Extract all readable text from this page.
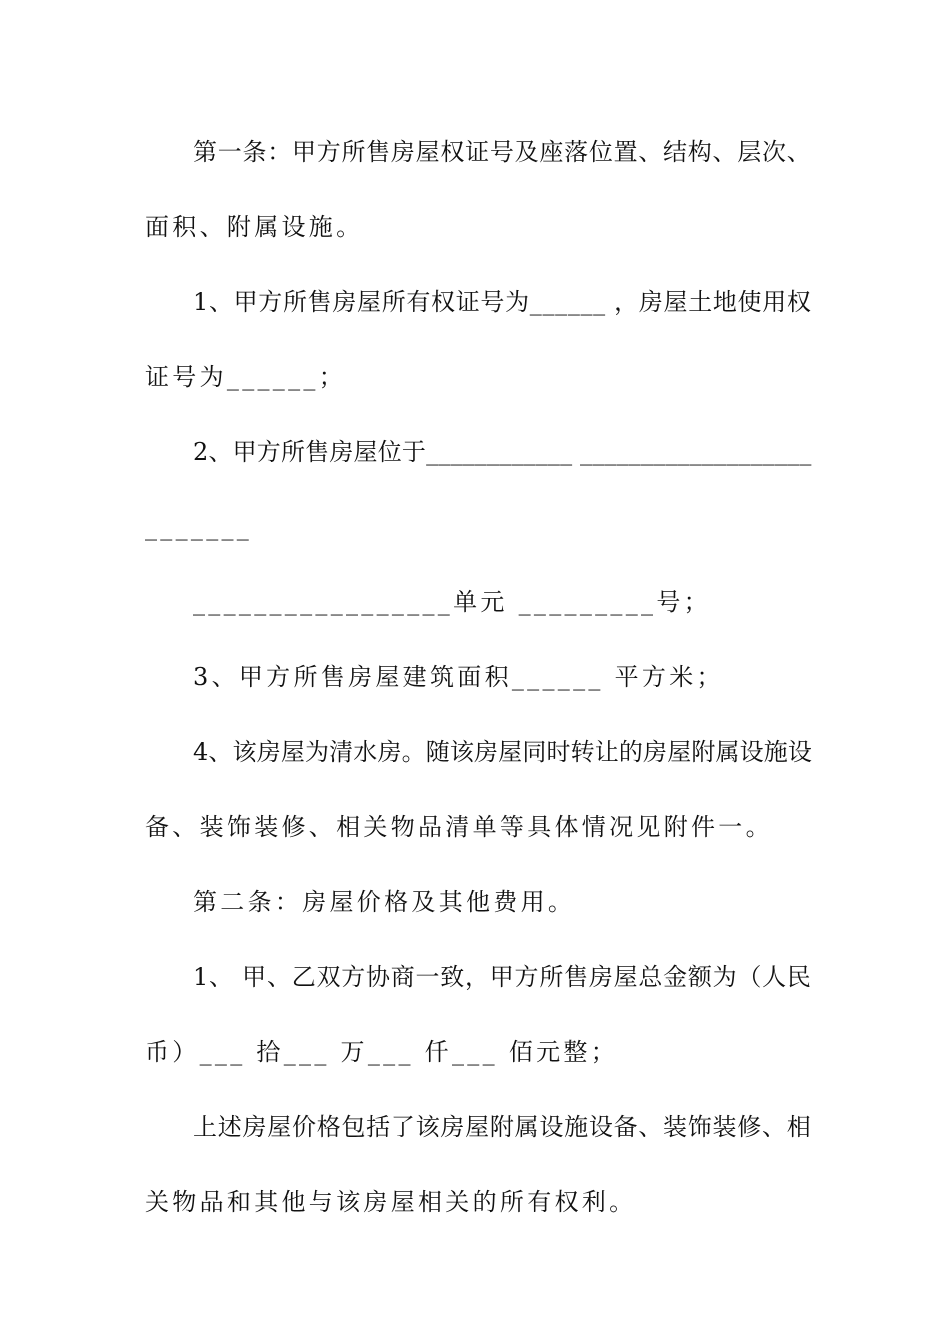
第一条：甲方所售房屋权证号及座落位置、结构、层次、
面积、附属设施。
1、甲方所售房屋所有权证号为______ ，房屋土地使用权
证号为______；
2、甲方所售房屋位于____________ ___________________
_______
_________________单元 _________号；
3、甲方所售房屋建筑面积______ 平方米；
4、该房屋为清水房。随该房屋同时转让的房屋附属设施设
备、装饰装修、相关物品清单等具体情况见附件一。
第二条：房屋价格及其他费用。
1、 甲、乙双方协商一致，甲方所售房屋总金额为（人民
币）___ 拾___ 万___ 仟___ 佰元整；
上述房屋价格包括了该房屋附属设施设备、装饰装修、相
关物品和其他与该房屋相关的所有权利。
